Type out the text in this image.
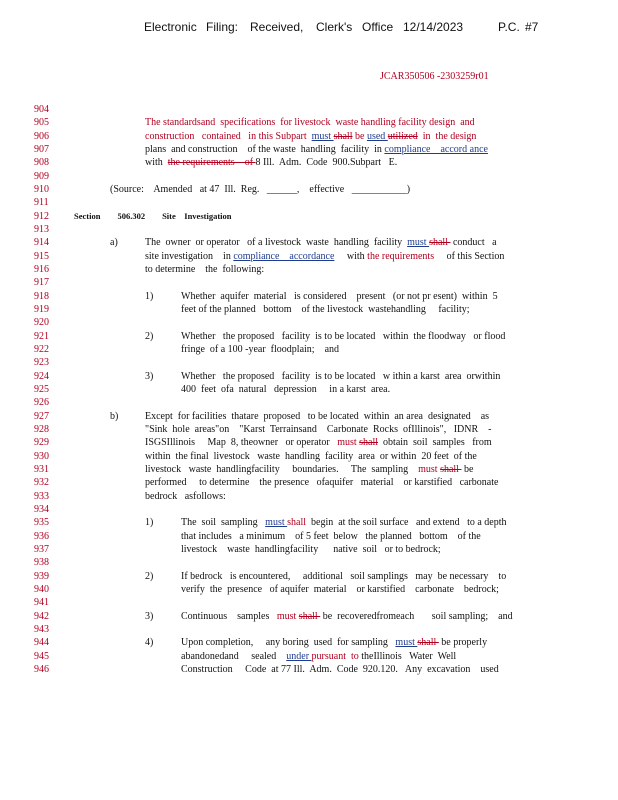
Electronic Filing: Received, Clerk's Office 12/14/2023	P.C. #7
JCAR350506 -2303259r01
904
905	The standardsand  specifications  for livestock  waste handling facility design  and
906	construction   contained   in this Subpart  must shall be used utilized  in  the design
907	plans  and construction    of the waste  handling  facility  in compliance    accord ance
908	with  the requirements    of 8 Ill.  Adm.  Code  900.Subpart   E.
909
910	(Source:    Amended   at 47  Ill.  Reg.   ______,    effective   ___________)
911
912	Section        506.302        Site    Investigation
913
914	a)	The  owner  or operator   of a livestock  waste  handling  facility  must shall  conduct   a
915	site investigation    in compliance    accordance     with the requirements     of this Section
916	to determine    the  following:
917
918	1)	Whether  aquifer  material   is considered    present   (or not pr esent)  within  5
919	feet of the planned   bottom    of the livestock  wastehandling     facility;
920
921	2)	Whether   the proposed   facility  is to be located   within  the floodway   or flood
922	fringe  of a 100 -year  floodplain;    and
923
924	3)	Whether   the proposed   facility  is to be located   w ithin a karst  area  orwithin
925	400  feet  ofa  natural   depression     in a karst  area.
926
927	b)	Except  for facilities  thatare  proposed   to be located  within  an area  designated    as
928	"Sink  hole  areas"on    "Karst  Terrainsand    Carbonate  Rocks  ofIllinois",   IDNR    -
929	ISGSIllinois     Map  8, theowner   or operator   must shall  obtain  soil  samples   from
930	within  the final  livestock   waste  handling  facility  area  or within  20 feet  of the
931	livestock   waste  handlingfacility     boundaries.     The  sampling    must shall  be
932	performed     to determine    the presence   ofaquifer   material    or karstified   carbonate
933	bedrock   asfollows:
934
935	1)	The  soil  sampling   must shall  begin  at the soil surface   and extend   to a depth
936	that includes   a minimum    of 5 feet  below   the planned   bottom    of the
937	livestock    waste  handlingfacility      native  soil   or to bedrock;
938
939	2)	If bedrock   is encountered,     additional   soil samplings   may  be necessary    to
940	verify  the  presence   of aquifer  material    or karstified    carbonate    bedrock;
941
942	3)	Continuous    samples   must shall  be  recoveredfromeach       soil sampling;    and
943
944	4)	Upon completion,     any boring  used  for sampling   must shall  be properly
945	abandonedand     sealed    under pursuant  to theIllinois   Water  Well
946	Construction     Code  at 77 Ill.  Adm.  Code  920.120.   Any  excavation    used
